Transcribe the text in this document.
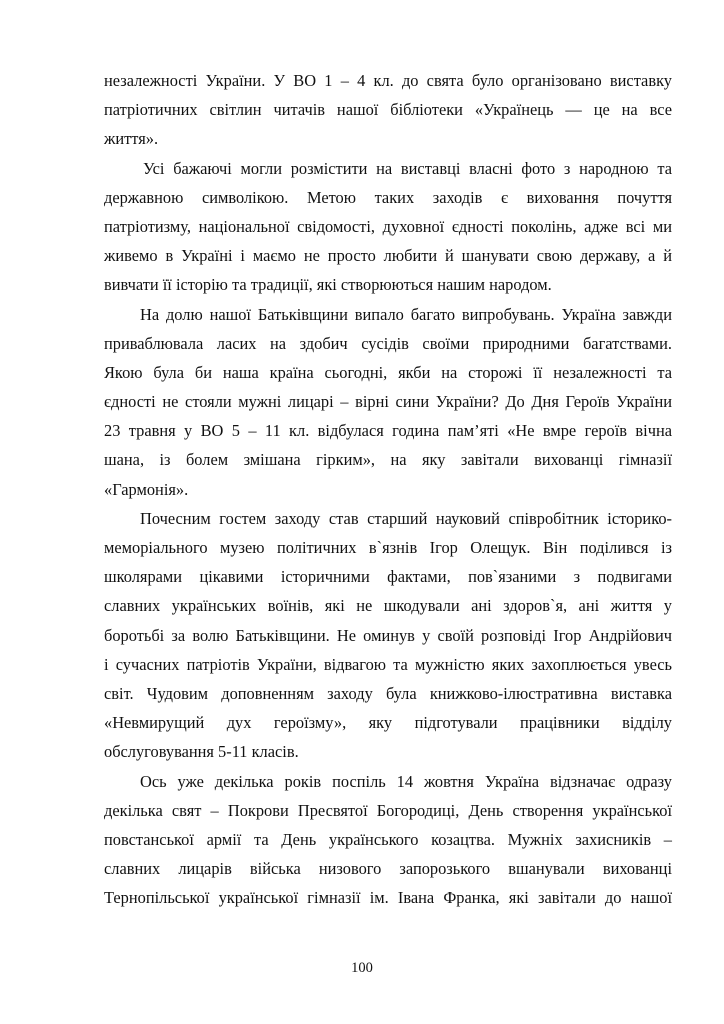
незалежності України. У ВО 1 – 4 кл. до свята було організовано виставку
патріотичних світлин читачів нашої бібліотеки «Українець — це на все
життя».
Усі бажаючі могли розмістити на виставці власні фото з народною та
державною символікою. Метою таких заходів є виховання почуття
патріотизму, національної свідомості, духовної єдності поколінь, адже всі ми
живемо в Україні і маємо не просто любити й шанувати свою державу, а й
вивчати її історію та традиції, які створюються нашим народом.
На долю нашої Батьківщини випало багато випробувань. Україна завжди
приваблювала ласих на здобич сусідів своїми природними багатствами.
Якою була би наша країна сьогодні, якби на сторожі її незалежності та
єдності не стояли мужні лицарі – вірні сини України? До Дня Героїв України
23 травня у ВО 5 – 11 кл. відбулася година пам’яті «Не вмре героїв вічна
шана, із болем змішана гірким», на яку завітали вихованці гімназії
«Гармонія».
Почесним гостем заходу став старший науковий співробітник історико-
меморіального музею політичних в`язнів Ігор Олещук. Він поділився із
школярами цікавими історичними фактами, пов`язаними з подвигами
славних українських воїнів, які не шкодували ані здоров`я, ані життя у
боротьбі за волю Батьківщини. Не оминув у своїй розповіді Ігор Андрійович
і сучасних патріотів України, відвагою та мужністю яких захоплюється увесь
світ. Чудовим доповненням заходу була книжково-ілюстративна виставка
«Невмирущий дух героїзму», яку підготували працівники відділу
обслуговування 5-11 класів.
Ось уже декілька років поспіль 14 жовтня Україна відзначає одразу
декілька свят – Покрови Пресвятої Богородиці, День створення української
повстанської армії та День українського козацтва. Мужніх захисників –
славних лицарів війська низового запорозького вшанували вихованці
Тернопільської української гімназії ім. Івана Франка, які завітали до нашої
100
